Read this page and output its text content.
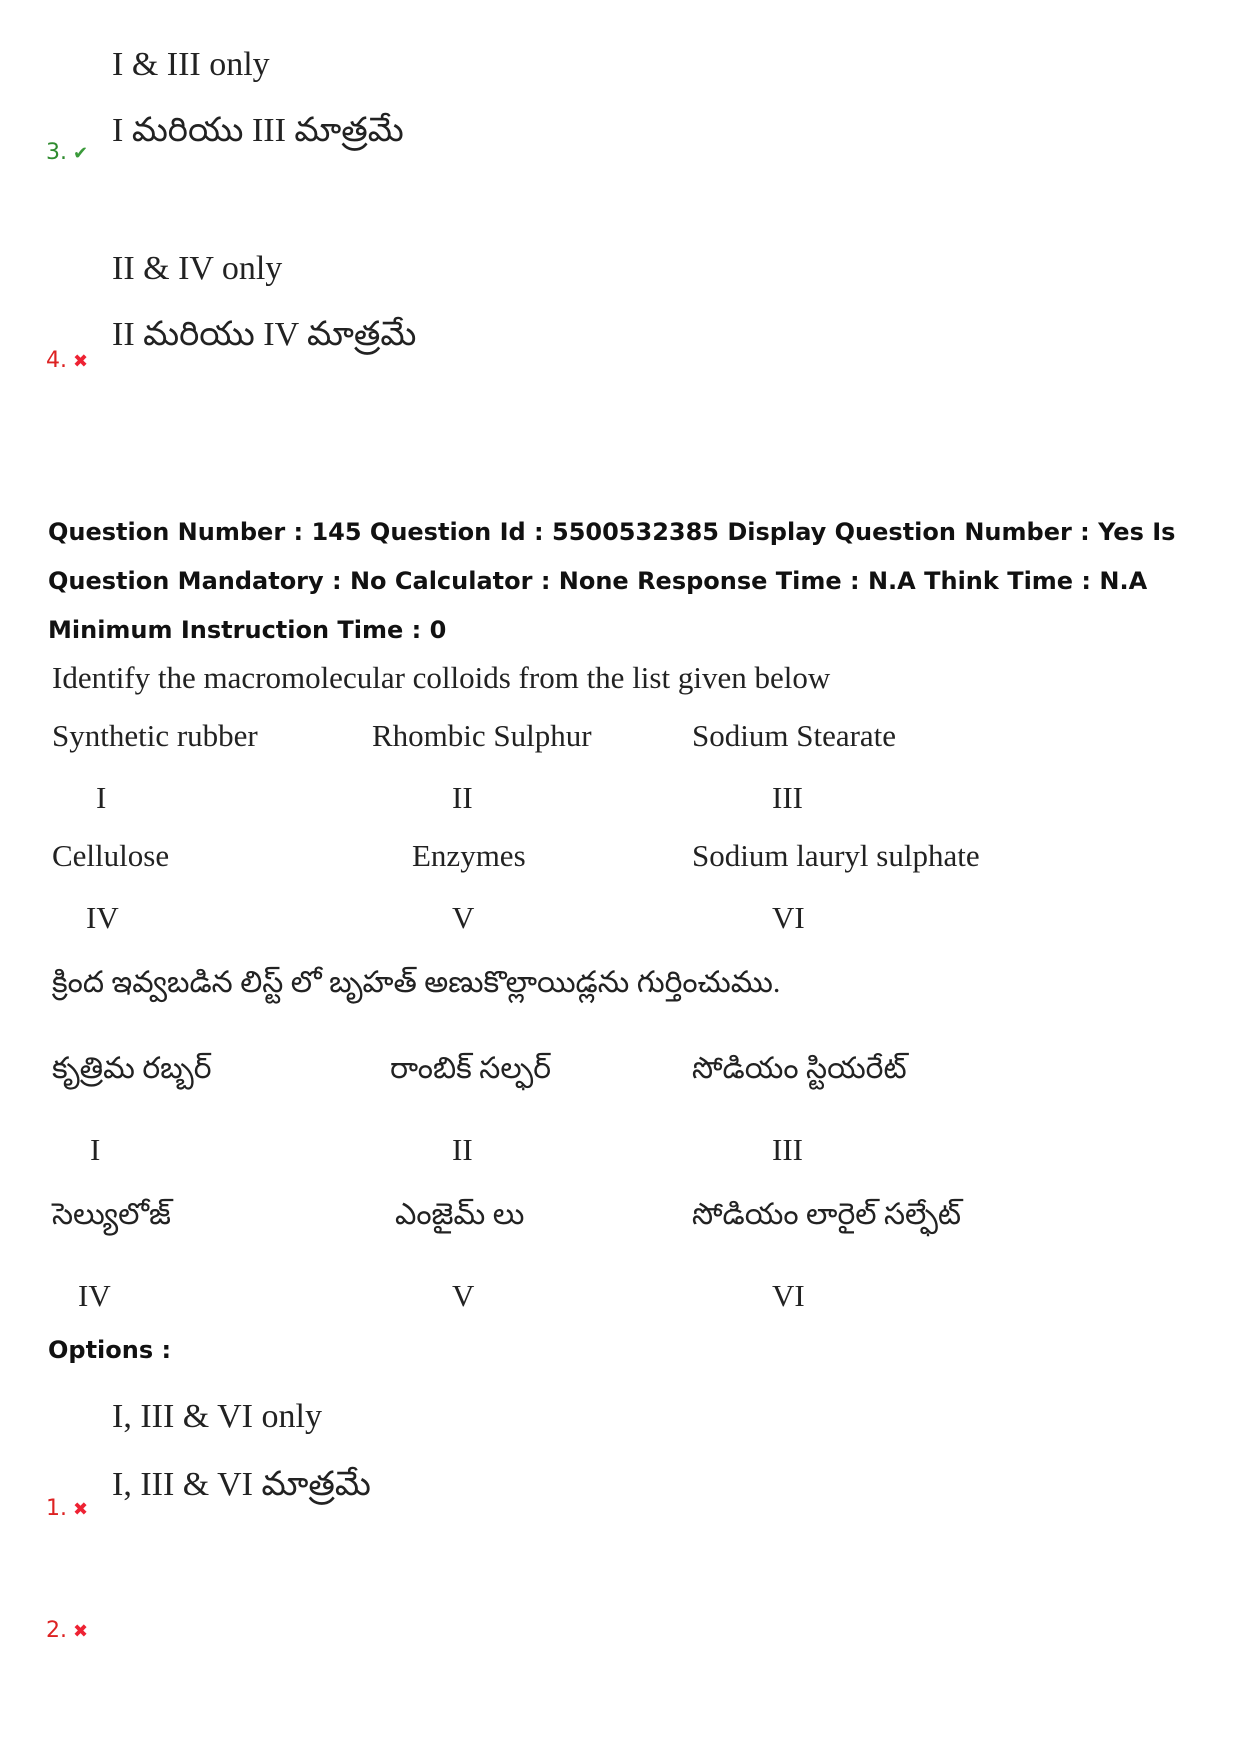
I & III only
I మరియు III మాత్రమే
3. ✔
II & IV only
II మరియు IV మాత్రమే
4. ✖
Question Number : 145 Question Id : 5500532385 Display Question Number : Yes Is Question Mandatory : No Calculator : None Response Time : N.A Think Time : N.A Minimum Instruction Time : 0
Identify the macromolecular colloids from the list given below
Synthetic rubber	Rhombic Sulphur	Sodium Stearate
I	II	III
Cellulose	Enzymes	Sodium lauryl sulphate
IV	V	VI
క్రింద ఇవ్వబడిన లిస్ట్ లో బృహత్ అణుకొల్లాయిడ్లను గుర్తించుము.
కృత్రిమ రబ్బర్	రాంబిక్ సల్ఫర్	సోడియం స్టియరేట్
I	II	III
సెల్యులోజ్	ఎంజైమ్ లు	సోడియం లారైల్ సల్ఫేట్
IV	V	VI
Options :
I, III & VI only
I, III & VI మాత్రమే
1. ✖
2. ✖
